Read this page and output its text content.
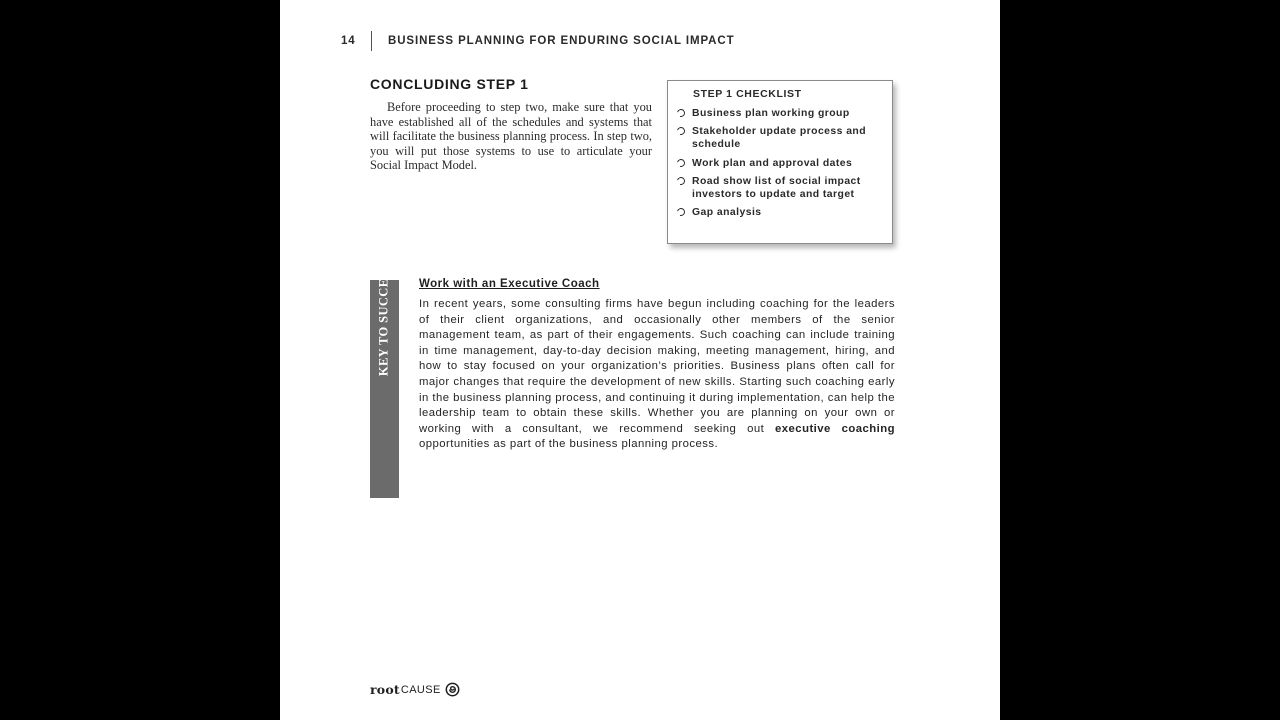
14	BUSINESS PLANNING FOR ENDURING SOCIAL IMPACT
CONCLUDING STEP 1

Before proceeding to step two, make sure that you have established all of the schedules and systems that will facilitate the business planning process. In step two, you will put those systems to use to articulate your Social Impact Model.

STEP 1 CHECKLIST
Business plan working group
Stakeholder update process and schedule
Work plan and approval dates
Road show list of social impact investors to update and target
Gap analysis
KEY TO SUCCESS Work with an Executive Coach

In recent years, some consulting firms have begun including coaching for the leaders of their client organizations, and occasionally other members of the senior management team, as part of their engagements. Such coaching can include training in time management, day-to-day decision making, meeting management, hiring, and how to stay focused on your organization’s priorities. Business plans often call for major changes that require the development of new skills. Starting such coaching early in the business planning process, and continuing it during implementation, can help the leadership team to obtain these skills. Whether you are planning on your own or working with a consultant, we recommend seeking out executive coaching opportunities as part of the business planning process.

root CAUSE
